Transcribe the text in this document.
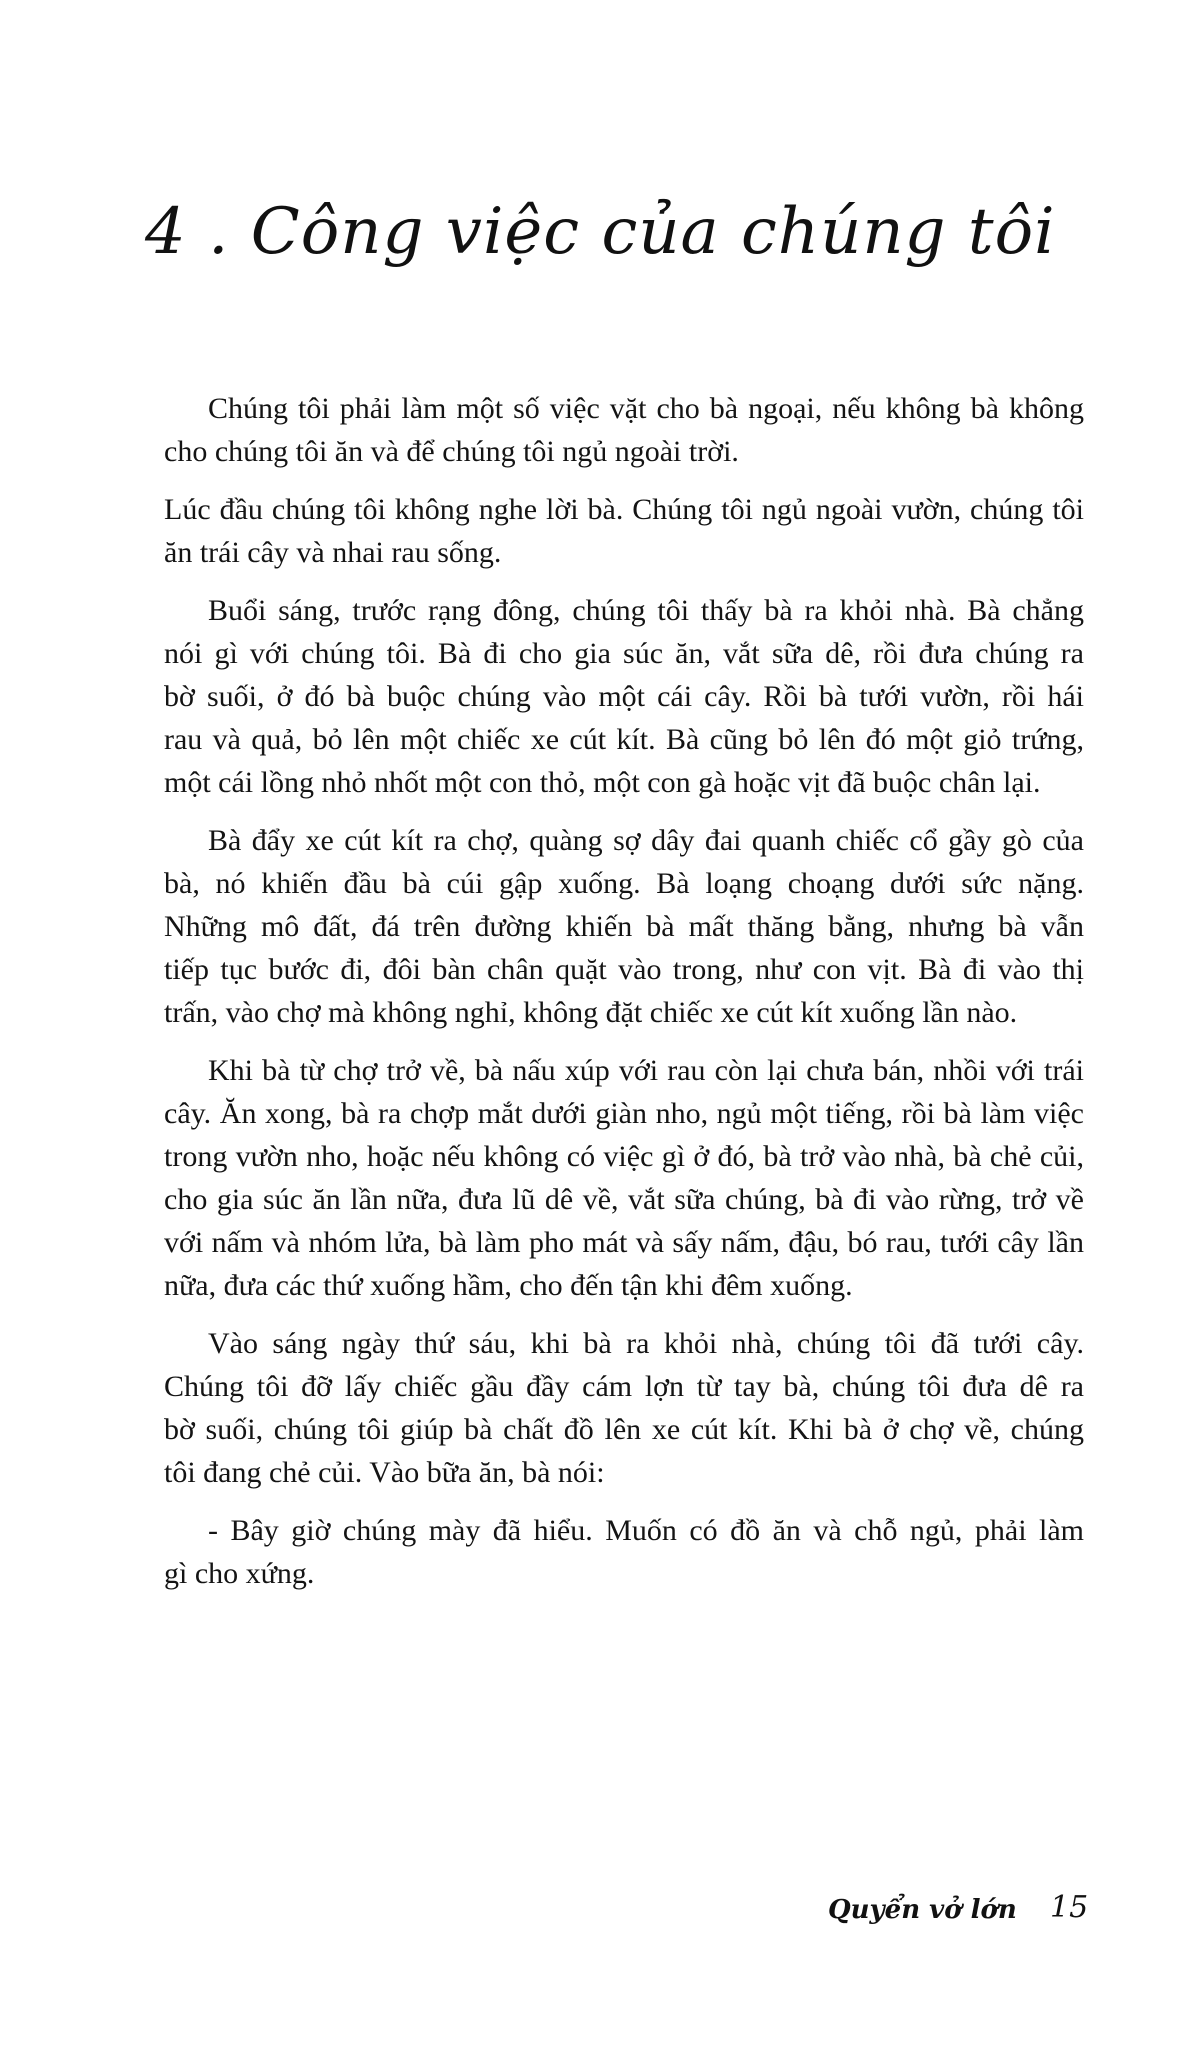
4 . Công việc của chúng tôi
Chúng tôi phải làm một số việc vặt cho bà ngoại, nếu không bà không
cho chúng tôi ăn và để chúng tôi ngủ ngoài trời.
Lúc đầu chúng tôi không nghe lời bà. Chúng tôi ngủ ngoài vườn, chúng tôi
ăn trái cây và nhai rau sống.
Buổi sáng, trước rạng đông, chúng tôi thấy bà ra khỏi nhà. Bà chẳng
nói gì với chúng tôi. Bà đi cho gia súc ăn, vắt sữa dê, rồi đưa chúng ra
bờ suối, ở đó bà buộc chúng vào một cái cây. Rồi bà tưới vườn, rồi hái
rau và quả, bỏ lên một chiếc xe cút kít. Bà cũng bỏ lên đó một giỏ trứng,
một cái lồng nhỏ nhốt một con thỏ, một con gà hoặc vịt đã buộc chân lại.
Bà đẩy xe cút kít ra chợ, quàng sợ dây đai quanh chiếc cổ gầy gò của
bà, nó khiến đầu bà cúi gập xuống. Bà loạng choạng dưới sức nặng.
Những mô đất, đá trên đường khiến bà mất thăng bằng, nhưng bà vẫn
tiếp tục bước đi, đôi bàn chân quặt vào trong, như con vịt. Bà đi vào thị
trấn, vào chợ mà không nghỉ, không đặt chiếc xe cút kít xuống lần nào.
Khi bà từ chợ trở về, bà nấu xúp với rau còn lại chưa bán, nhồi với trái
cây. Ăn xong, bà ra chợp mắt dưới giàn nho, ngủ một tiếng, rồi bà làm việc
trong vườn nho, hoặc nếu không có việc gì ở đó, bà trở vào nhà, bà chẻ củi,
cho gia súc ăn lần nữa, đưa lũ dê về, vắt sữa chúng, bà đi vào rừng, trở về
với nấm và nhóm lửa, bà làm pho mát và sấy nấm, đậu, bó rau, tưới cây lần
nữa, đưa các thứ xuống hầm, cho đến tận khi đêm xuống.
Vào sáng ngày thứ sáu, khi bà ra khỏi nhà, chúng tôi đã tưới cây.
Chúng tôi đỡ lấy chiếc gầu đầy cám lợn từ tay bà, chúng tôi đưa dê ra
bờ suối, chúng tôi giúp bà chất đồ lên xe cút kít. Khi bà ở chợ về, chúng
tôi đang chẻ củi. Vào bữa ăn, bà nói:
- Bây giờ chúng mày đã hiểu. Muốn có đồ ăn và chỗ ngủ, phải làm
gì cho xứng.
Quyển vở lớn 15
